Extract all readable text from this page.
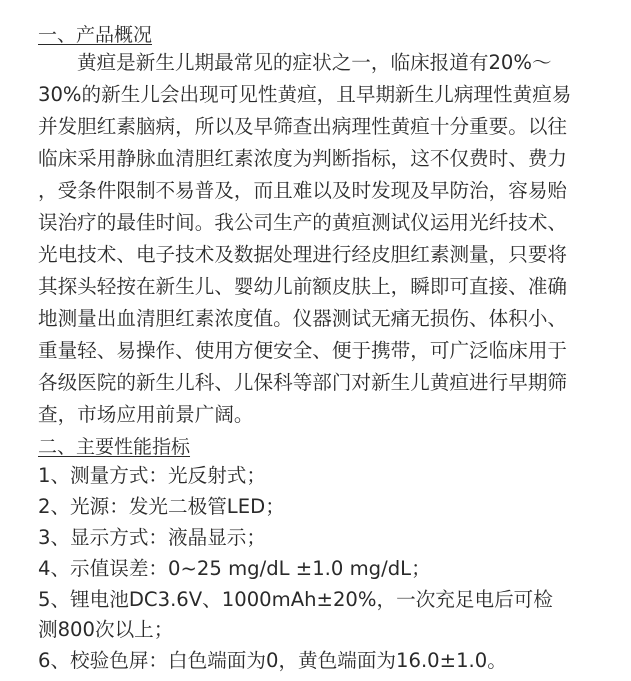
一、产品概况
黄疸是新生儿期最常见的症状之一，临床报道有20%～
30%的新生儿会出现可见性黄疸，且早期新生儿病理性黄疸易
并发胆红素脑病，所以及早筛查出病理性黄疸十分重要。以往
临床采用静脉血清胆红素浓度为判断指标，这不仅费时、费力
，受条件限制不易普及，而且难以及时发现及早防治，容易贻
误治疗的最佳时间。我公司生产的黄疸测试仪运用光纤技术、
光电技术、电子技术及数据处理进行经皮胆红素测量，只要将
其探头轻按在新生儿、婴幼儿前额皮肤上，瞬即可直接、准确
地测量出血清胆红素浓度值。仪器测试无痛无损伤、体积小、
重量轻、易操作、使用方便安全、便于携带，可广泛临床用于
各级医院的新生儿科、儿保科等部门对新生儿黄疸进行早期筛
查，市场应用前景广阔。
二、主要性能指标
1、测量方式：光反射式；
2、光源：发光二极管LED；
3、显示方式：液晶显示；
4、示值误差：0~25 mg/dL ±1.0 mg/dL；
5、锂电池DC3.6V、1000mAh±20%，一次充足电后可检
测800次以上；
6、校验色屏：白色端面为0，黄色端面为16.0±1.0。
